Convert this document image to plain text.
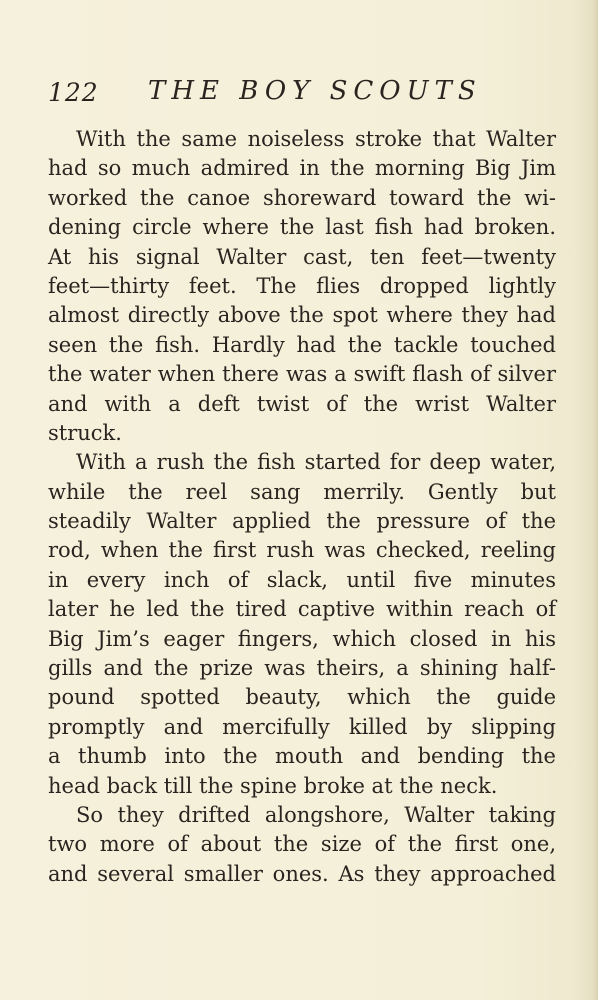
122 THE BOY SCOUTS
With the same noiseless stroke that Walter
had so much admired in the morning Big Jim
worked the canoe shoreward toward the wi-
dening circle where the last fish had broken.
At his signal Walter cast, ten feet—twenty
feet—thirty feet. The flies dropped lightly
almost directly above the spot where they had
seen the fish. Hardly had the tackle touched
the water when there was a swift flash of silver
and with a deft twist of the wrist Walter
struck.
With a rush the fish started for deep water,
while the reel sang merrily. Gently but
steadily Walter applied the pressure of the
rod, when the first rush was checked, reeling
in every inch of slack, until five minutes
later he led the tired captive within reach of
Big Jim’s eager fingers, which closed in his
gills and the prize was theirs, a shining half-
pound spotted beauty, which the guide
promptly and mercifully killed by slipping
a thumb into the mouth and bending the
head back till the spine broke at the neck.
So they drifted alongshore, Walter taking
two more of about the size of the first one,
and several smaller ones. As they approached
